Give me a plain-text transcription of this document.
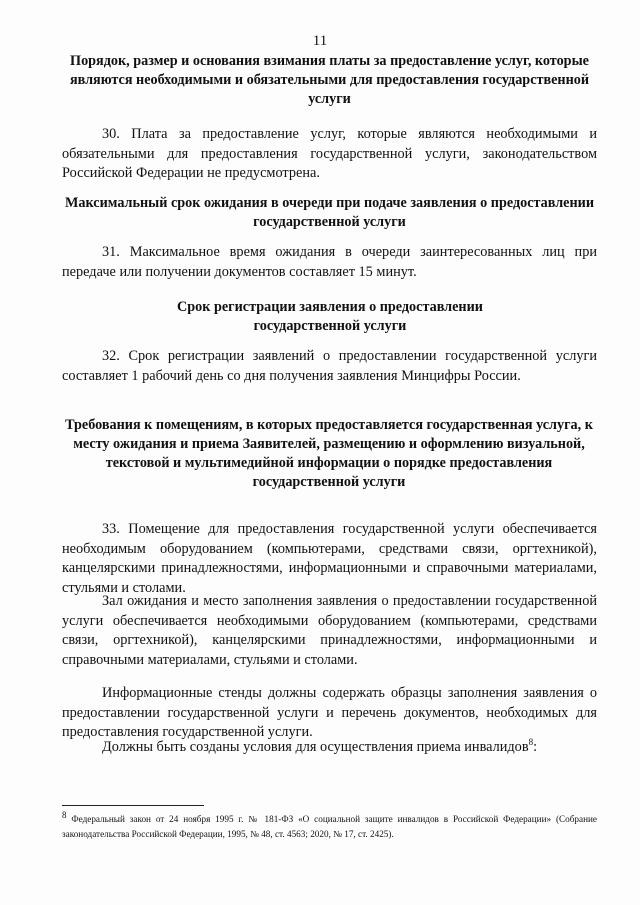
11
Порядок, размер и основания взимания платы за предоставление услуг, которые являются необходимыми и обязательными для предоставления государственной услуги
30. Плата за предоставление услуг, которые являются необходимыми и обязательными для предоставления государственной услуги, законодательством Российской Федерации не предусмотрена.
Максимальный срок ожидания в очереди при подаче заявления о предоставлении государственной услуги
31. Максимальное время ожидания в очереди заинтересованных лиц при передаче или получении документов составляет 15 минут.
Срок регистрации заявления о предоставлении государственной услуги
32. Срок регистрации заявлений о предоставлении государственной услуги составляет 1 рабочий день со дня получения заявления Минцифры России.
Требования к помещениям, в которых предоставляется государственная услуга, к месту ожидания и приема Заявителей, размещению и оформлению визуальной, текстовой и мультимедийной информации о порядке предоставления государственной услуги
33. Помещение для предоставления государственной услуги обеспечивается необходимым оборудованием (компьютерами, средствами связи, оргтехникой), канцелярскими принадлежностями, информационными и справочными материалами, стульями и столами.
Зал ожидания и место заполнения заявления о предоставлении государственной услуги обеспечивается необходимыми оборудованием (компьютерами, средствами связи, оргтехникой), канцелярскими принадлежностями, информационными и справочными материалами, стульями и столами.
Информационные стенды должны содержать образцы заполнения заявления о предоставлении государственной услуги и перечень документов, необходимых для предоставления государственной услуги.
Должны быть созданы условия для осуществления приема инвалидов$^8$:
$^8$ Федеральный закон от 24 ноября 1995 г. № 181-ФЗ «О социальной защите инвалидов в Российской Федерации» (Собрание законодательства Российской Федерации, 1995, № 48, ст. 4563; 2020, № 17, ст. 2425).
